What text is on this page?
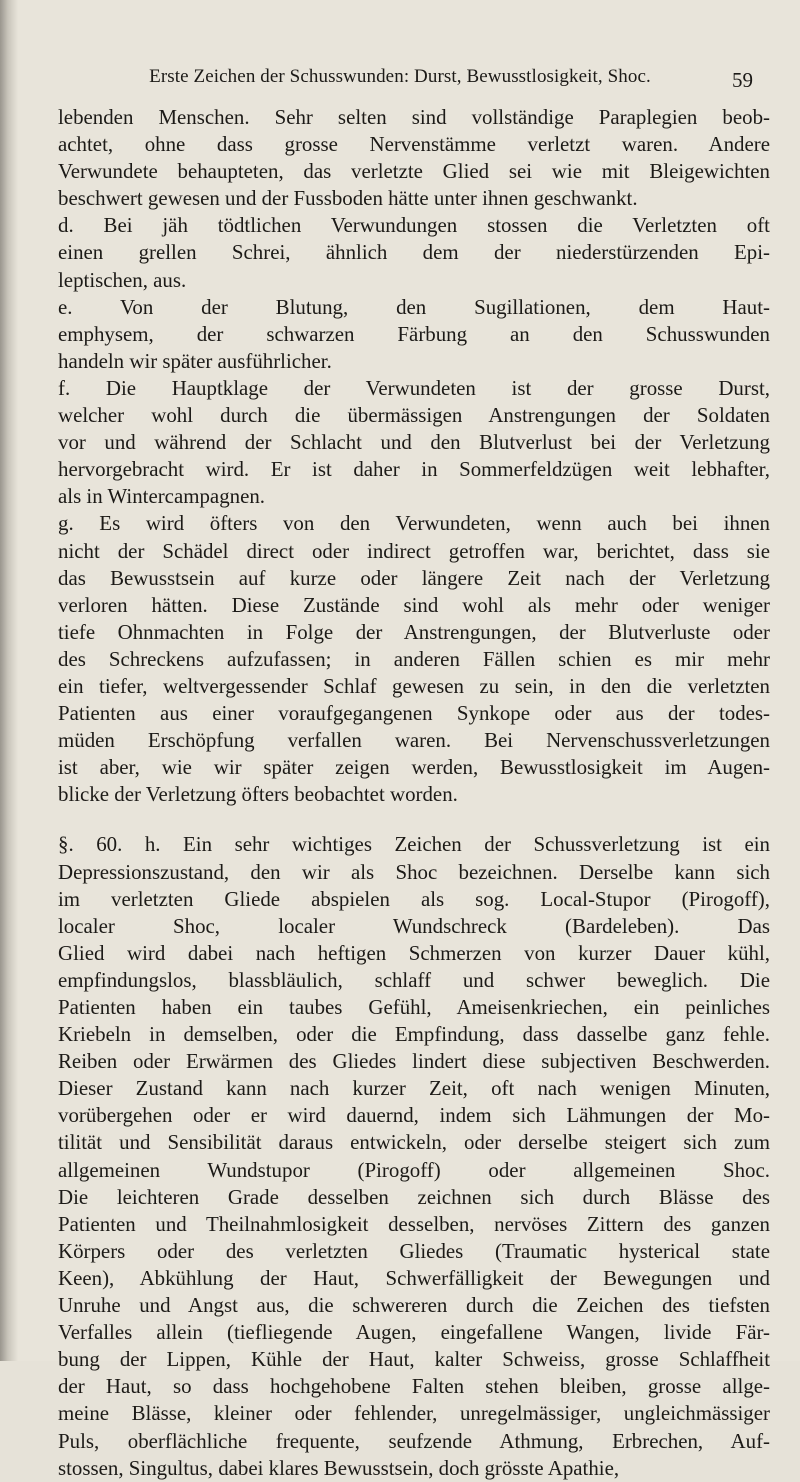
Erste Zeichen der Schusswunden: Durst, Bewusstlosigkeit, Shoc.	59
lebenden Menschen. Sehr selten sind vollständige Paraplegien beob-
achtet, ohne dass grosse Nervenstämme verletzt waren. Andere
Verwundete behaupteten, das verletzte Glied sei wie mit Bleigewichten
beschwert gewesen und der Fussboden hätte unter ihnen geschwankt.
d. Bei jäh tödtlichen Verwundungen stossen die Verletzten oft
einen grellen Schrei, ähnlich dem der niederstürzenden Epi-
leptischen, aus.
e. Von der Blutung, den Sugillationen, dem Haut-
emphysem, der schwarzen Färbung an den Schusswunden
handeln wir später ausführlicher.
f. Die Hauptklage der Verwundeten ist der grosse Durst,
welcher wohl durch die übermässigen Anstrengungen der Soldaten
vor und während der Schlacht und den Blutverlust bei der Verletzung
hervorgebracht wird. Er ist daher in Sommerfeldzügen weit lebhafter,
als in Wintercampagnen.
g. Es wird öfters von den Verwundeten, wenn auch bei ihnen
nicht der Schädel direct oder indirect getroffen war, berichtet, dass sie
das Bewusstsein auf kurze oder längere Zeit nach der Verletzung
verloren hätten. Diese Zustände sind wohl als mehr oder weniger
tiefe Ohnmachten in Folge der Anstrengungen, der Blutverluste oder
des Schreckens aufzufassen; in anderen Fällen schien es mir mehr
ein tiefer, weltvergessender Schlaf gewesen zu sein, in den die verletzten
Patienten aus einer voraufgegangenen Synkope oder aus der todes-
müden Erschöpfung verfallen waren. Bei Nervenschussverletzungen
ist aber, wie wir später zeigen werden, Bewusstlosigkeit im Augen-
blicke der Verletzung öfters beobachtet worden.
§. 60. h. Ein sehr wichtiges Zeichen der Schussverletzung ist ein
Depressionszustand, den wir als Shoc bezeichnen. Derselbe kann sich
im verletzten Gliede abspielen als sog. Local-Stupor (Pirogoff),
localer Shoc, localer Wundschreck (Bardeleben). Das
Glied wird dabei nach heftigen Schmerzen von kurzer Dauer kühl,
empfindungslos, blassbläulich, schlaff und schwer beweglich. Die
Patienten haben ein taubes Gefühl, Ameisenkriechen, ein peinliches
Kriebeln in demselben, oder die Empfindung, dass dasselbe ganz fehle.
Reiben oder Erwärmen des Gliedes lindert diese subjectiven Beschwerden.
Dieser Zustand kann nach kurzer Zeit, oft nach wenigen Minuten,
vorübergehen oder er wird dauernd, indem sich Lähmungen der Mo-
tilität und Sensibilität daraus entwickeln, oder derselbe steigert sich zum
allgemeinen Wundstupor (Pirogoff) oder allgemeinen Shoc.
Die leichteren Grade desselben zeichnen sich durch Blässe des
Patienten und Theilnahmlosigkeit desselben, nervöses Zittern des ganzen
Körpers oder des verletzten Gliedes (Traumatic hysterical state
Keen), Abkühlung der Haut, Schwerfälligkeit der Bewegungen und
Unruhe und Angst aus, die schwereren durch die Zeichen des tiefsten
Verfalles allein (tiefliegende Augen, eingefallene Wangen, livide Fär-
bung der Lippen, Kühle der Haut, kalter Schweiss, grosse Schlaffheit
der Haut, so dass hochgehobene Falten stehen bleiben, grosse allge-
meine Blässe, kleiner oder fehlender, unregelmässiger, ungleichmässiger
Puls, oberflächliche frequente, seufzende Athmung, Erbrechen, Auf-
stossen, Singultus, dabei klares Bewusstsein, doch grösste Apathie,
